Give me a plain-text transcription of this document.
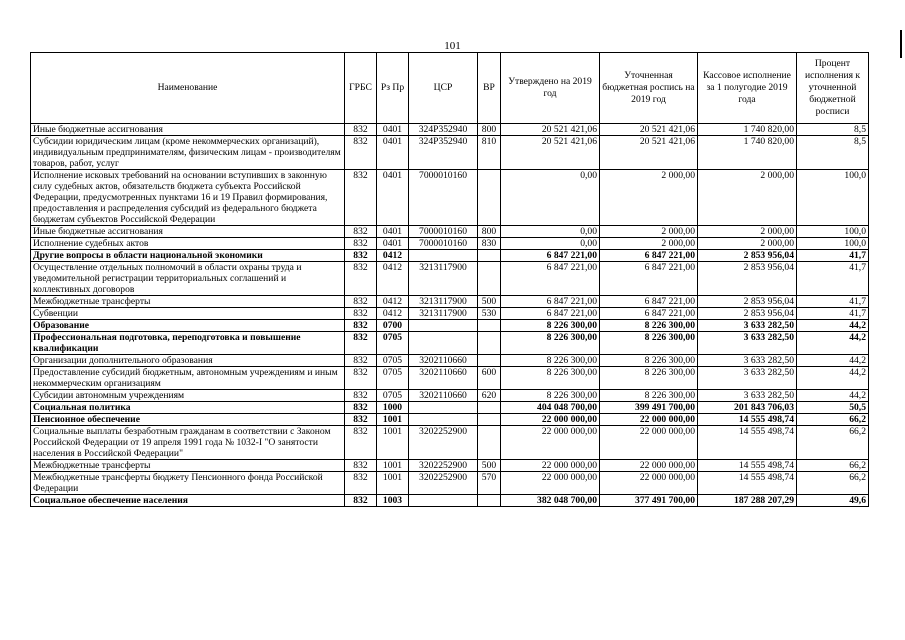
101
Наименование	ГРБС	Рз Пр	ЦСР	ВР	Утверждено на 2019 год	Уточненная бюджетная роспись на 2019 год	Кассовое исполнение за 1 полугодие 2019 года	Процент исполнения к уточненной бюджетной росписи
Иные бюджетные ассигнования	832	0401	324P352940	800	20 521 421,06	20 521 421,06	1 740 820,00	8,5
Субсидии юридическим лицам (кроме некоммерческих организаций), индивидуальным предпринимателям, физическим лицам - производителям товаров, работ, услуг	832	0401	324P352940	810	20 521 421,06	20 521 421,06	1 740 820,00	8,5
Исполнение исковых требований на основании вступивших в законную силу судебных актов, обязательств бюджета субъекта Российской Федерации, предусмотренных пунктами 16 и 19 Правил формирования, предоставления и распределения субсидий из федерального бюджета бюджетам субъектов Российской Федерации	832	0401	7000010160		0,00	2 000,00	2 000,00	100,0
Иные бюджетные ассигнования	832	0401	7000010160	800	0,00	2 000,00	2 000,00	100,0
Исполнение судебных актов	832	0401	7000010160	830	0,00	2 000,00	2 000,00	100,0
Другие вопросы в области национальной экономики	832	0412			6 847 221,00	6 847 221,00	2 853 956,04	41,7
Осуществление отдельных полномочий в области охраны труда и уведомительной регистрации территориальных соглашений и коллективных договоров	832	0412	3213117900		6 847 221,00	6 847 221,00	2 853 956,04	41,7
Межбюджетные трансферты	832	0412	3213117900	500	6 847 221,00	6 847 221,00	2 853 956,04	41,7
Субвенции	832	0412	3213117900	530	6 847 221,00	6 847 221,00	2 853 956,04	41,7
Образование	832	0700			8 226 300,00	8 226 300,00	3 633 282,50	44,2
Профессиональная подготовка, переподготовка и повышение квалификации	832	0705			8 226 300,00	8 226 300,00	3 633 282,50	44,2
Организации дополнительного образования	832	0705	3202110660		8 226 300,00	8 226 300,00	3 633 282,50	44,2
Предоставление субсидий бюджетным, автономным учреждениям и иным некоммерческим организациям	832	0705	3202110660	600	8 226 300,00	8 226 300,00	3 633 282,50	44,2
Субсидии автономным учреждениям	832	0705	3202110660	620	8 226 300,00	8 226 300,00	3 633 282,50	44,2
Социальная политика	832	1000			404 048 700,00	399 491 700,00	201 843 706,03	50,5
Пенсионное обеспечение	832	1001			22 000 000,00	22 000 000,00	14 555 498,74	66,2
Социальные выплаты безработным гражданам в соответствии с Законом Российской Федерации от 19 апреля 1991 года № 1032-I "О занятости населения в Российской Федерации"	832	1001	3202252900		22 000 000,00	22 000 000,00	14 555 498,74	66,2
Межбюджетные трансферты	832	1001	3202252900	500	22 000 000,00	22 000 000,00	14 555 498,74	66,2
Межбюджетные трансферты бюджету Пенсионного фонда Российской Федерации	832	1001	3202252900	570	22 000 000,00	22 000 000,00	14 555 498,74	66,2
Социальное обеспечение населения	832	1003			382 048 700,00	377 491 700,00	187 288 207,29	49,6
